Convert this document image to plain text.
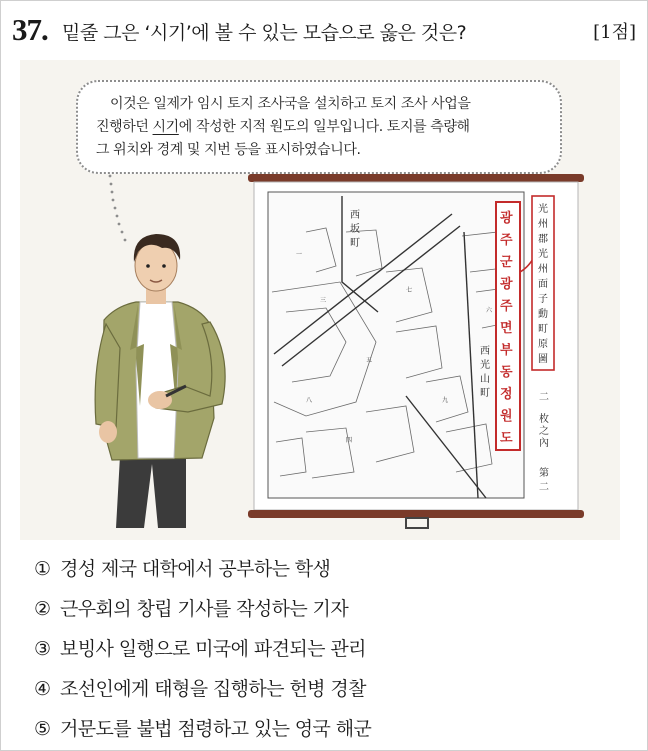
37. 밑줄 그은 ‘시기’에 볼 수 있는 모습으로 옳은 것은?	[1점]

이것은 일제가 임시 토지 조사국을 설치하고 토지 조사 사업을

진행하던 시기에 작성한 지적 원도의 일부입니다. 토지를 측량해

그 위치와 경계 및 지번 등을 표시하였습니다.

一
三
五
七
九
四
六
八
西
坂
町
西
光
山
町
광
주
군
광
주
면
부
동
정
원
도
光
州
郡
光
州
面
子
動
町
原
圖
二
枚
之
內
第
二
① 경성 제국 대학에서 공부하는 학생
② 근우회의 창립 기사를 작성하는 기자
③ 보빙사 일행으로 미국에 파견되는 관리
④ 조선인에게 태형을 집행하는 헌병 경찰
⑤ 거문도를 불법 점령하고 있는 영국 해군
